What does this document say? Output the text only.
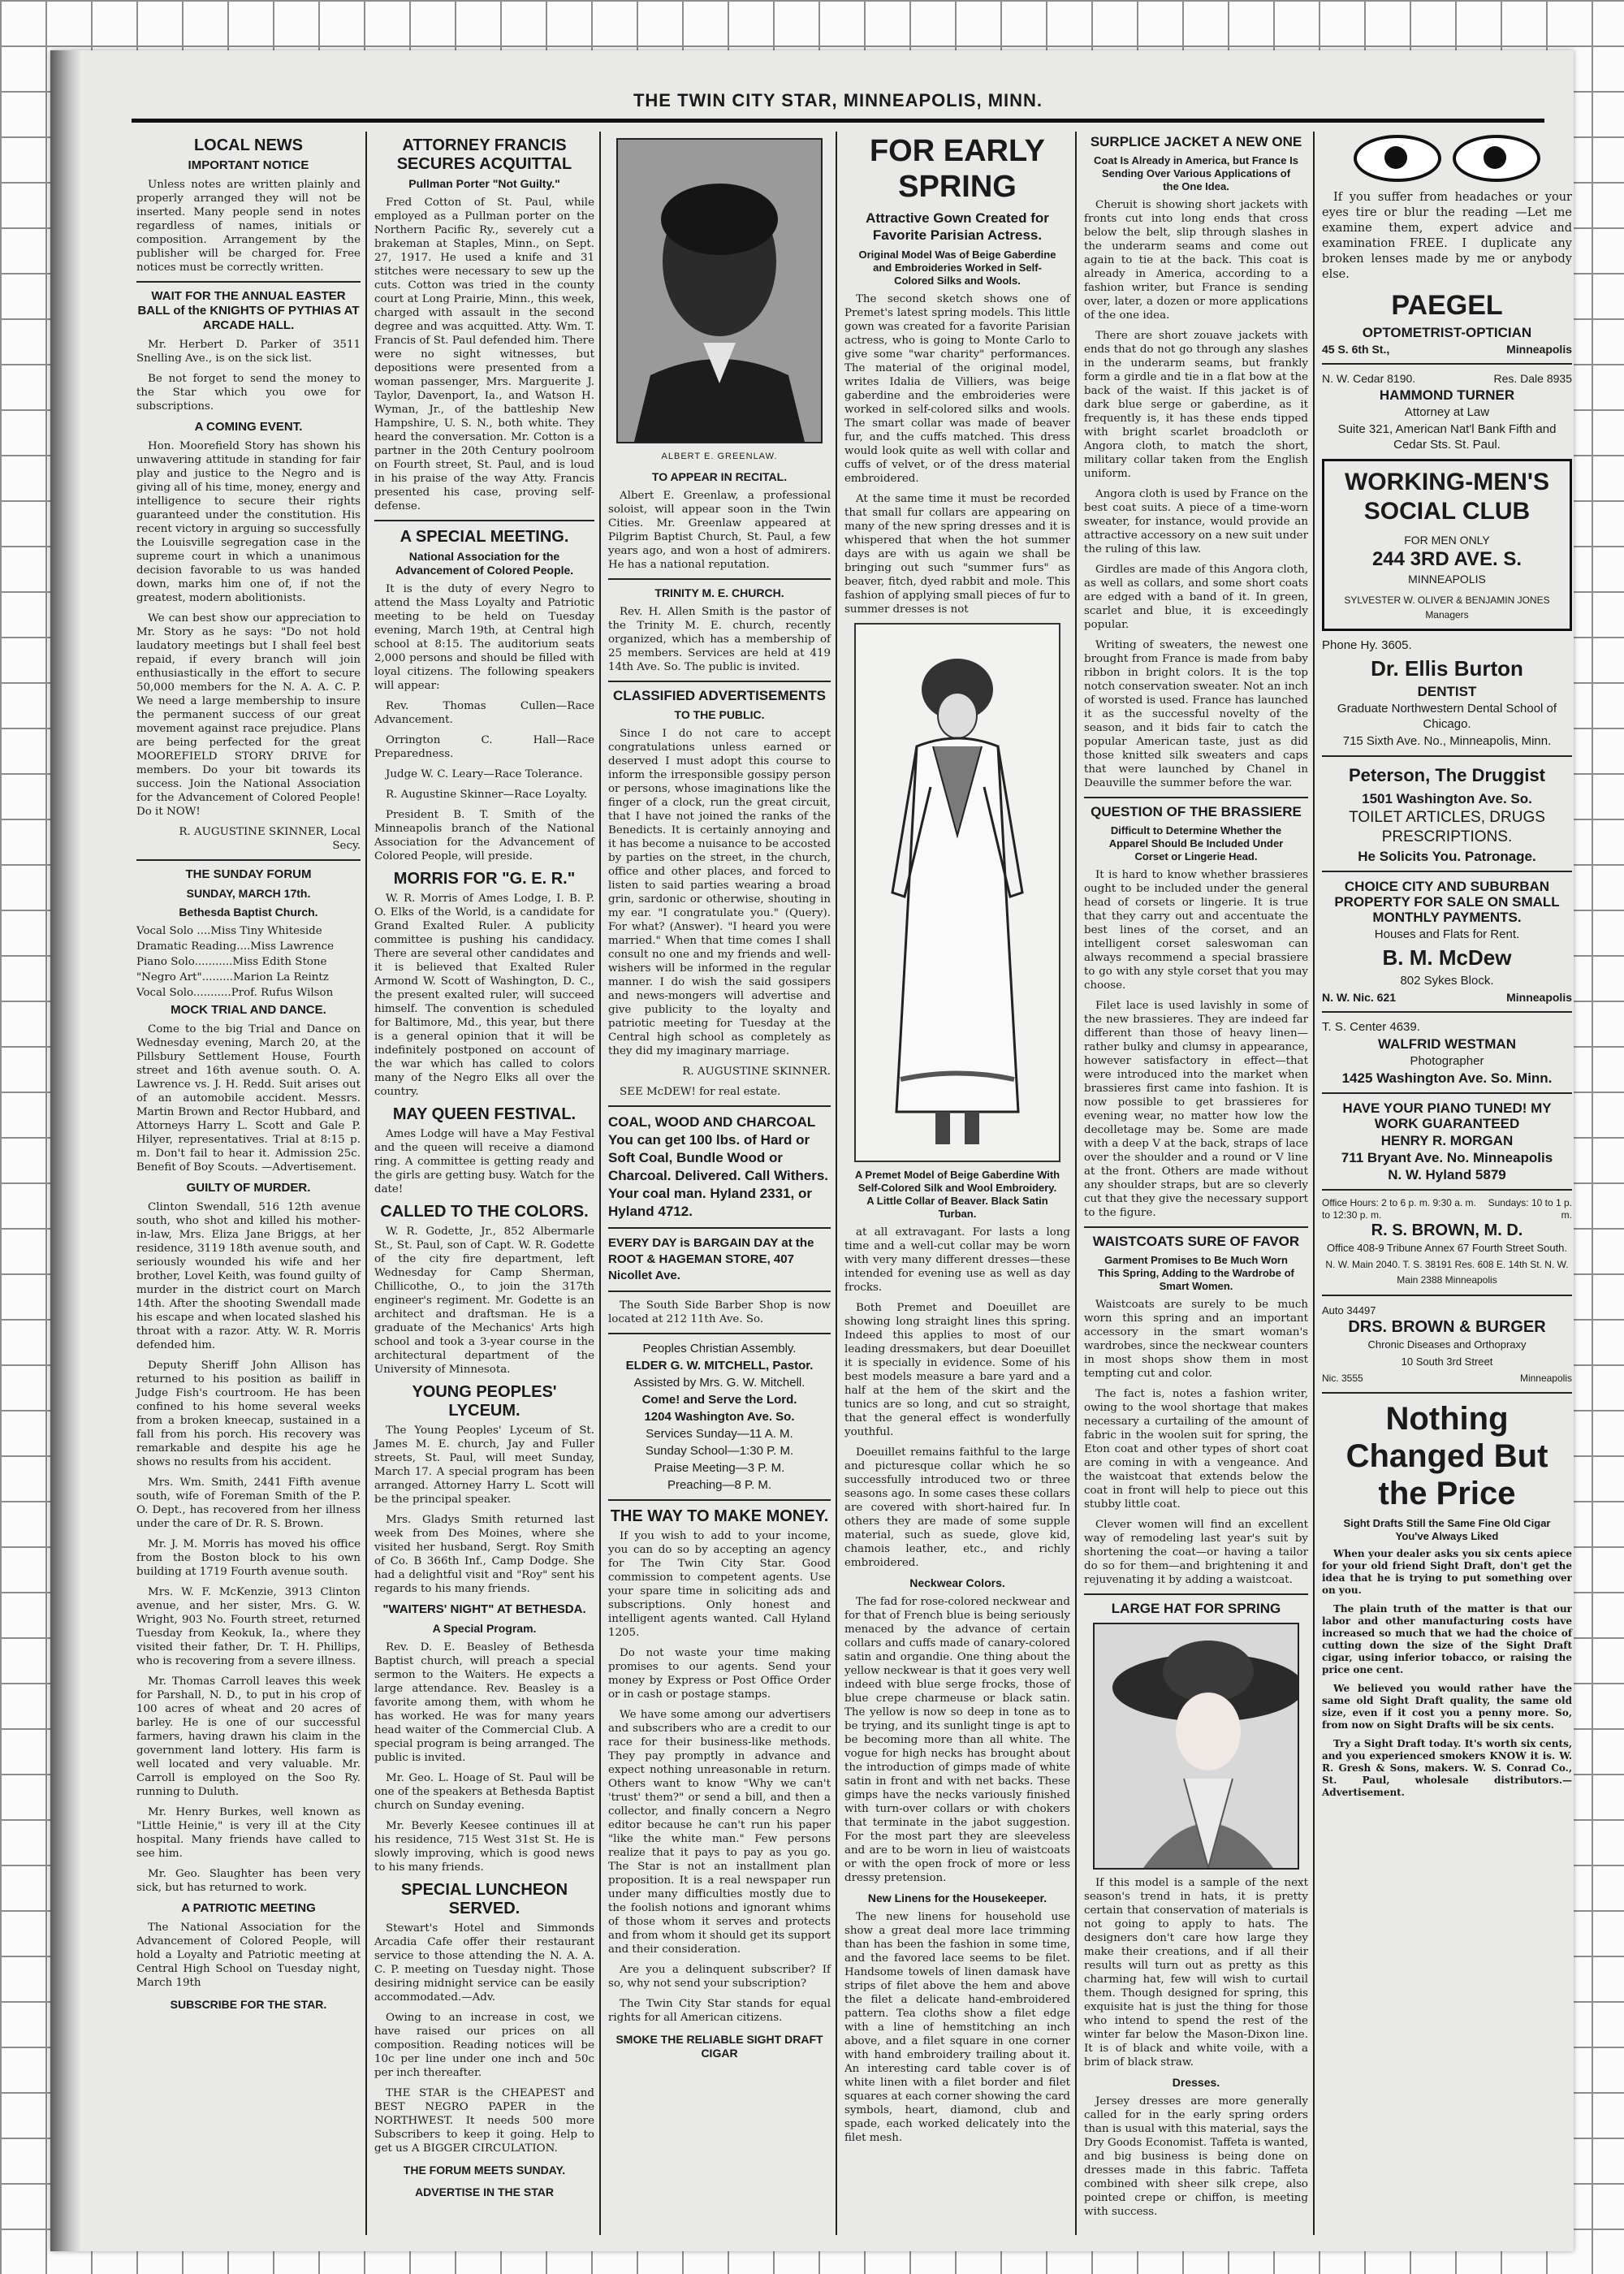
THE TWIN CITY STAR, MINNEAPOLIS, MINN.
LOCAL NEWS
IMPORTANT NOTICE

Unless notes are written plainly and properly arranged they will not be inserted. Many people send in notes regardless of names, initials or composition. Arrangement by the publisher will be charged for. Free notices must be correctly written.

WAIT FOR THE ANNUAL EASTER BALL of the KNIGHTS OF PYTHIAS AT ARCADE HALL.

Mr. Herbert D. Parker of 3511 Snelling Ave., is on the sick list.

Be not forget to send the money to the Star which you owe for subscriptions.

A COMING EVENT.

Hon. Moorefield Story has shown his unwavering attitude in standing for fair play and justice to the Negro and is giving all of his time, money, energy and intelligence to secure their rights guaranteed under the constitution. His recent victory in arguing so successfully the Louisville segregation case in the supreme court in which a unanimous decision favorable to us was handed down, marks him one of, if not the greatest, modern abolitionists.

We can best show our appreciation to Mr. Story as he says: "Do not hold laudatory meetings but I shall feel best repaid, if every branch will join enthusiastically in the effort to secure 50,000 members for the N. A. A. C. P. We need a large membership to insure the permanent success of our great movement against race prejudice. Plans are being perfected for the great MOOREFIELD STORY DRIVE for members. Do your bit towards its success. Join the National Association for the Advancement of Colored People! Do it NOW!

R. AUGUSTINE SKINNER, Local Secy.

THE SUNDAY FORUM
SUNDAY, MARCH 17th.
Bethesda Baptist Church.
Vocal Solo ....Miss Tiny Whiteside
Dramatic Reading....Miss Lawrence
Piano Solo...........Miss Edith Stone
"Negro Art".........Marion La Reintz
Vocal Solo...........Prof. Rufus Wilson
MOCK TRIAL AND DANCE.

Come to the big Trial and Dance on Wednesday evening, March 20, at the Pillsbury Settlement House, Fourth street and 16th avenue south. O. A. Lawrence vs. J. H. Redd. Suit arises out of an automobile accident. Messrs. Martin Brown and Rector Hubbard, and Attorneys Harry L. Scott and Gale P. Hilyer, representatives. Trial at 8:15 p. m. Don't fail to hear it. Admission 25c. Benefit of Boy Scouts. —Advertisement.

GUILTY OF MURDER.

Clinton Swendall, 516 12th avenue south, who shot and killed his mother-in-law, Mrs. Eliza Jane Briggs, at her residence, 3119 18th avenue south, and seriously wounded his wife and her brother, Lovel Keith, was found guilty of murder in the district court on March 14th. After the shooting Swendall made his escape and when located slashed his throat with a razor. Atty. W. R. Morris defended him.

Deputy Sheriff John Allison has returned to his position as bailiff in Judge Fish's courtroom. He has been confined to his home several weeks from a broken kneecap, sustained in a fall from his porch. His recovery was remarkable and despite his age he shows no results from his accident.

Mrs. Wm. Smith, 2441 Fifth avenue south, wife of Foreman Smith of the P. O. Dept., has recovered from her illness under the care of Dr. R. S. Brown.

Mr. J. M. Morris has moved his office from the Boston block to his own building at 1719 Fourth avenue south.

Mrs. W. F. McKenzie, 3913 Clinton avenue, and her sister, Mrs. G. W. Wright, 903 No. Fourth street, returned Tuesday from Keokuk, Ia., where they visited their father, Dr. T. H. Phillips, who is recovering from a severe illness.

Mr. Thomas Carroll leaves this week for Parshall, N. D., to put in his crop of 100 acres of wheat and 20 acres of barley. He is one of our successful farmers, having drawn his claim in the government land lottery. His farm is well located and very valuable. Mr. Carroll is employed on the Soo Ry. running to Duluth.

Mr. Henry Burkes, well known as "Little Heinie," is very ill at the City hospital. Many friends have called to see him.

Mr. Geo. Slaughter has been very sick, but has returned to work.

A PATRIOTIC MEETING

The National Association for the Advancement of Colored People, will hold a Loyalty and Patriotic meeting at Central High School on Tuesday night, March 19th

SUBSCRIBE FOR THE STAR.
ATTORNEY FRANCIS SECURES ACQUITTAL
Pullman Porter "Not Guilty."

Fred Cotton of St. Paul, while employed as a Pullman porter on the Northern Pacific Ry., severely cut a brakeman at Staples, Minn., on Sept. 27, 1917. He used a knife and 31 stitches were necessary to sew up the cuts. Cotton was tried in the county court at Long Prairie, Minn., this week, charged with assault in the second degree and was acquitted. Atty. Wm. T. Francis of St. Paul defended him. There were no sight witnesses, but depositions were presented from a woman passenger, Mrs. Marguerite J. Taylor, Davenport, Ia., and Watson H. Wyman, Jr., of the battleship New Hampshire, U. S. N., both white. They heard the conversation. Mr. Cotton is a partner in the 20th Century poolroom on Fourth street, St. Paul, and is loud in his praise of the way Atty. Francis presented his case, proving self-defense.

A SPECIAL MEETING.
National Association for the Advancement of Colored People.

It is the duty of every Negro to attend the Mass Loyalty and Patriotic meeting to be held on Tuesday evening, March 19th, at Central high school at 8:15. The auditorium seats 2,000 persons and should be filled with loyal citizens. The following speakers will appear:

Rev. Thomas Cullen—Race Advancement.

Orrington C. Hall—Race Preparedness.

Judge W. C. Leary—Race Tolerance.

R. Augustine Skinner—Race Loyalty.

President B. T. Smith of the Minneapolis branch of the National Association for the Advancement of Colored People, will preside.

MORRIS FOR "G. E. R."

W. R. Morris of Ames Lodge, I. B. P. O. Elks of the World, is a candidate for Grand Exalted Ruler. A publicity committee is pushing his candidacy. There are several other candidates and it is believed that Exalted Ruler Armond W. Scott of Washington, D. C., the present exalted ruler, will succeed himself. The convention is scheduled for Baltimore, Md., this year, but there is a general opinion that it will be indefinitely postponed on account of the war which has called to colors many of the Negro Elks all over the country.

MAY QUEEN FESTIVAL.

Ames Lodge will have a May Festival and the queen will receive a diamond ring. A committee is getting ready and the girls are getting busy. Watch for the date!

CALLED TO THE COLORS.

W. R. Godette, Jr., 852 Albermarle St., St. Paul, son of Capt. W. R. Godette of the city fire department, left Wednesday for Camp Sherman, Chillicothe, O., to join the 317th engineer's regiment. Mr. Godette is an architect and draftsman. He is a graduate of the Mechanics' Arts high school and took a 3-year course in the architectural department of the University of Minnesota.

YOUNG PEOPLES' LYCEUM.

The Young Peoples' Lyceum of St. James M. E. church, Jay and Fuller streets, St. Paul, will meet Sunday, March 17. A special program has been arranged. Attorney Harry L. Scott will be the principal speaker.

Mrs. Gladys Smith returned last week from Des Moines, where she visited her husband, Sergt. Roy Smith of Co. B 366th Inf., Camp Dodge. She had a delightful visit and "Roy" sent his regards to his many friends.

"WAITERS' NIGHT" AT BETHESDA.
A Special Program.

Rev. D. E. Beasley of Bethesda Baptist church, will preach a special sermon to the Waiters. He expects a large attendance. Rev. Beasley is a favorite among them, with whom he has worked. He was for many years head waiter of the Commercial Club. A special program is being arranged. The public is invited.

Mr. Geo. L. Hoage of St. Paul will be one of the speakers at Bethesda Baptist church on Sunday evening.

Mr. Beverly Keesee continues ill at his residence, 715 West 31st St. He is slowly improving, which is good news to his many friends.

SPECIAL LUNCHEON SERVED.

Stewart's Hotel and Simmonds Arcadia Cafe offer their restaurant service to those attending the N. A. A. C. P. meeting on Tuesday night. Those desiring midnight service can be easily accommodated.—Adv.

Owing to an increase in cost, we have raised our prices on all composition. Reading notices will be 10c per line under one inch and 50c per inch thereafter.

THE STAR is the CHEAPEST and BEST NEGRO PAPER in the NORTHWEST. It needs 500 more Subscribers to keep it going. Help to get us A BIGGER CIRCULATION.

THE FORUM MEETS SUNDAY.
ADVERTISE IN THE STAR
ALBERT E. GREENLAW.
TO APPEAR IN RECITAL.

Albert E. Greenlaw, a professional soloist, will appear soon in the Twin Cities. Mr. Greenlaw appeared at Pilgrim Baptist Church, St. Paul, a few years ago, and won a host of admirers. He has a national reputation.

TRINITY M. E. CHURCH.

Rev. H. Allen Smith is the pastor of the Trinity M. E. church, recently organized, which has a membership of 25 members. Services are held at 419 14th Ave. So. The public is invited.

CLASSIFIED ADVERTISEMENTS
TO THE PUBLIC.

Since I do not care to accept congratulations unless earned or deserved I must adopt this course to inform the irresponsible gossipy person or persons, whose imaginations like the finger of a clock, run the great circuit, that I have not joined the ranks of the Benedicts. It is certainly annoying and it has become a nuisance to be accosted by parties on the street, in the church, office and other places, and forced to listen to said parties wearing a broad grin, sardonic or otherwise, shouting in my ear. "I congratulate you." (Query). For what? (Answer). "I heard you were married." When that time comes I shall consult no one and my friends and well-wishers will be informed in the regular manner. I do wish the said gossipers and news-mongers will advertise and give publicity to the loyalty and patriotic meeting for Tuesday at the Central high school as completely as they did my imaginary marriage.

R. AUGUSTINE SKINNER.

SEE McDEW! for real estate.

COAL, WOOD AND CHARCOAL You can get 100 lbs. of Hard or Soft Coal, Bundle Wood or Charcoal. Delivered. Call Withers. Your coal man. Hyland 2331, or Hyland 4712.
EVERY DAY is BARGAIN DAY at the ROOT & HAGEMAN STORE, 407 Nicollet Ave.

The South Side Barber Shop is now located at 212 11th Ave. So.

Peoples Christian Assembly.
ELDER G. W. MITCHELL, Pastor.
Assisted by Mrs. G. W. Mitchell.
Come! and Serve the Lord.
1204 Washington Ave. So.
Services Sunday—11 A. M.
Sunday School—1:30 P. M.
Praise Meeting—3 P. M.
Preaching—8 P. M.
THE WAY TO MAKE MONEY.

If you wish to add to your income, you can do so by accepting an agency for The Twin City Star. Good commission to competent agents. Use your spare time in soliciting ads and subscriptions. Only honest and intelligent agents wanted. Call Hyland 1205.

Do not waste your time making promises to our agents. Send your money by Express or Post Office Order or in cash or postage stamps.

We have some among our advertisers and subscribers who are a credit to our race for their business-like methods. They pay promptly in advance and expect nothing unreasonable in return. Others want to know "Why we can't 'trust' them?" or send a bill, and then a collector, and finally concern a Negro editor because he can't run his paper "like the white man." Few persons realize that it pays to pay as you go. The Star is not an installment plan proposition. It is a real newspaper run under many difficulties mostly due to the foolish notions and ignorant whims of those whom it serves and protects and from whom it should get its support and their consideration.

Are you a delinquent subscriber? If so, why not send your subscription?

The Twin City Star stands for equal rights for all American citizens.

SMOKE THE RELIABLE SIGHT DRAFT CIGAR
FOR EARLY SPRING
Attractive Gown Created for Favorite Parisian Actress.
Original Model Was of Beige Gaberdine and Embroideries Worked in Self-Colored Silks and Wools.

The second sketch shows one of Premet's latest spring models. This little gown was created for a favorite Parisian actress, who is going to Monte Carlo to give some "war charity" performances. The material of the original model, writes Idalia de Villiers, was beige gaberdine and the embroideries were worked in self-colored silks and wools. The smart collar was made of beaver fur, and the cuffs matched. This dress would look quite as well with collar and cuffs of velvet, or of the dress material embroidered.

At the same time it must be recorded that small fur collars are appearing on many of the new spring dresses and it is whispered that when the hot summer days are with us again we shall be bringing out such "summer furs" as beaver, fitch, dyed rabbit and mole. This fashion of applying small pieces of fur to summer dresses is not

A Premet Model of Beige Gaberdine With Self-Colored Silk and Wool Embroidery. A Little Collar of Beaver. Black Satin Turban.

at all extravagant. For lasts a long time and a well-cut collar may be worn with very many different dresses—these intended for evening use as well as day frocks.

Both Premet and Doeuillet are showing long straight lines this spring. Indeed this applies to most of our leading dressmakers, but dear Doeuillet it is specially in evidence. Some of his best models measure a bare yard and a half at the hem of the skirt and the tunics are so long, and cut so straight, that the general effect is wonderfully youthful.

Doeuillet remains faithful to the large and picturesque collar which he so successfully introduced two or three seasons ago. In some cases these collars are covered with short-haired fur. In others they are made of some supple material, such as suede, glove kid, chamois leather, etc., and richly embroidered.

Neckwear Colors.

The fad for rose-colored neckwear and for that of French blue is being seriously menaced by the advance of certain collars and cuffs made of canary-colored satin and organdie. One thing about the yellow neckwear is that it goes very well indeed with blue serge frocks, those of blue crepe charmeuse or black satin. The yellow is now so deep in tone as to be trying, and its sunlight tinge is apt to be becoming more than all white. The vogue for high necks has brought about the introduction of gimps made of white satin in front and with net backs. These gimps have the necks variously finished with turn-over collars or with chokers that terminate in the jabot suggestion. For the most part they are sleeveless and are to be worn in lieu of waistcoats or with the open frock of more or less dressy pretension.

New Linens for the Housekeeper.

The new linens for household use show a great deal more lace trimming than has been the fashion in some time, and the favored lace seems to be filet. Handsome towels of linen damask have strips of filet above the hem and above the filet a delicate hand-embroidered pattern. Tea cloths show a filet edge with a line of hemstitching an inch above, and a filet square in one corner with hand embroidery trailing about it. An interesting card table cover is of white linen with a filet border and filet squares at each corner showing the card symbols, heart, diamond, club and spade, each worked delicately into the filet mesh.

SURPLICE JACKET A NEW ONE
Coat Is Already in America, but France Is Sending Over Various Applications of the One Idea.

Cheruit is showing short jackets with fronts cut into long ends that cross below the belt, slip through slashes in the underarm seams and come out again to tie at the back. This coat is already in America, according to a fashion writer, but France is sending over, later, a dozen or more applications of the one idea.

There are short zouave jackets with ends that do not go through any slashes in the underarm seams, but frankly form a girdle and tie in a flat bow at the back of the waist. If this jacket is of dark blue serge or gaberdine, as it frequently is, it has these ends tipped with bright scarlet broadcloth or Angora cloth, to match the short, military collar taken from the English uniform.

Angora cloth is used by France on the best coat suits. A piece of a time-worn sweater, for instance, would provide an attractive accessory on a new suit under the ruling of this law.

Girdles are made of this Angora cloth, as well as collars, and some short coats are edged with a band of it. In green, scarlet and blue, it is exceedingly popular.

Writing of sweaters, the newest one brought from France is made from baby ribbon in bright colors. It is the top notch conservation sweater. Not an inch of worsted is used. France has launched it as the successful novelty of the season, and it bids fair to catch the popular American taste, just as did those knitted silk sweaters and caps that were launched by Chanel in Deauville the summer before the war.

QUESTION OF THE BRASSIERE
Difficult to Determine Whether the Apparel Should Be Included Under Corset or Lingerie Head.

It is hard to know whether brassieres ought to be included under the general head of corsets or lingerie. It is true that they carry out and accentuate the best lines of the corset, and an intelligent corset saleswoman can always recommend a special brassiere to go with any style corset that you may choose.

Filet lace is used lavishly in some of the new brassieres. They are indeed far different than those of heavy linen—rather bulky and clumsy in appearance, however satisfactory in effect—that were introduced into the market when brassieres first came into fashion. It is now possible to get brassieres for evening wear, no matter how low the decolletage may be. Some are made with a deep V at the back, straps of lace over the shoulder and a round or V line at the front. Others are made without any shoulder straps, but are so cleverly cut that they give the necessary support to the figure.

WAISTCOATS SURE OF FAVOR
Garment Promises to Be Much Worn This Spring, Adding to the Wardrobe of Smart Women.

Waistcoats are surely to be much worn this spring and an important accessory in the smart woman's wardrobes, since the neckwear counters in most shops show them in most tempting cut and color.

The fact is, notes a fashion writer, owing to the wool shortage that makes necessary a curtailing of the amount of fabric in the woolen suit for spring, the Eton coat and other types of short coat are coming in with a vengeance. And the waistcoat that extends below the coat in front will help to piece out this stubby little coat.

Clever women will find an excellent way of remodeling last year's suit by shortening the coat—or having a tailor do so for them—and brightening it and rejuvenating it by adding a waistcoat.

LARGE HAT FOR SPRING

If this model is a sample of the next season's trend in hats, it is pretty certain that conservation of materials is not going to apply to hats. The designers don't care how large they make their creations, and if all their results will turn out as pretty as this charming hat, few will wish to curtail them. Though designed for spring, this exquisite hat is just the thing for those who intend to spend the rest of the winter far below the Mason-Dixon line. It is of black and white voile, with a brim of black straw.

Dresses.

Jersey dresses are more generally called for in the early spring orders than is usual with this material, says the Dry Goods Economist. Taffeta is wanted, and big business is being done on dresses made in this fabric. Taffeta combined with sheer silk crepe, also pointed crepe or chiffon, is meeting with success.

If you suffer from headaches or your eyes tire or blur the reading —Let me examine them, expert advice and examination FREE. I duplicate any broken lenses made by me or anybody else.

PAEGEL
OPTOMETRIST-OPTICIAN
45 S. 6th St.,	Minneapolis
N. W. Cedar 8190.	Res. Dale 8935
HAMMOND TURNER
Attorney at Law
Suite 321, American Nat'l Bank Fifth and Cedar Sts. St. Paul.
WORKING-MEN'S SOCIAL CLUB
FOR MEN ONLY
244 3RD AVE. S.
MINNEAPOLIS
SYLVESTER W. OLIVER & BENJAMIN JONES
Managers
Phone Hy. 3605.
Dr. Ellis Burton
DENTIST
Graduate Northwestern Dental School of Chicago.
715 Sixth Ave. No., Minneapolis, Minn.
Peterson, The Druggist
1501 Washington Ave. So.
TOILET ARTICLES, DRUGS PRESCRIPTIONS.
He Solicits You. Patronage.
CHOICE CITY AND SUBURBAN PROPERTY FOR SALE ON SMALL MONTHLY PAYMENTS.
Houses and Flats for Rent.
B. M. McDew
802 Sykes Block.
N. W. Nic. 621	Minneapolis
T. S. Center 4639.
WALFRID WESTMAN
Photographer
1425 Washington Ave. So. Minn.
HAVE YOUR PIANO TUNED! MY WORK GUARANTEED
HENRY R. MORGAN
711 Bryant Ave. No. Minneapolis
N. W. Hyland 5879
Office Hours: 2 to 6 p. m. 9:30 a. m. to 12:30 p. m.
Sundays: 10 to 1 p. m.
R. S. BROWN, M. D.
Office 408-9 Tribune Annex 67 Fourth Street South.
N. W. Main 2040. T. S. 38191 Res. 608 E. 14th St. N. W. Main 2388 Minneapolis
Auto 34497
DRS. BROWN & BURGER
Chronic Diseases and Orthopraxy
10 South 3rd Street
Nic. 3555	Minneapolis
Nothing Changed But the Price
Sight Drafts Still the Same Fine Old Cigar You've Always Liked

When your dealer asks you six cents apiece for your old friend Sight Draft, don't get the idea that he is trying to put something over on you.

The plain truth of the matter is that our labor and other manufacturing costs have increased so much that we had the choice of cutting down the size of the Sight Draft cigar, using inferior tobacco, or raising the price one cent.

We believed you would rather have the same old Sight Draft quality, the same old size, even if it cost you a penny more. So, from now on Sight Drafts will be six cents.

Try a Sight Draft today. It's worth six cents, and you experienced smokers KNOW it is. W. R. Gresh & Sons, makers. W. S. Conrad Co., St. Paul, wholesale distributors.—Advertisement.
